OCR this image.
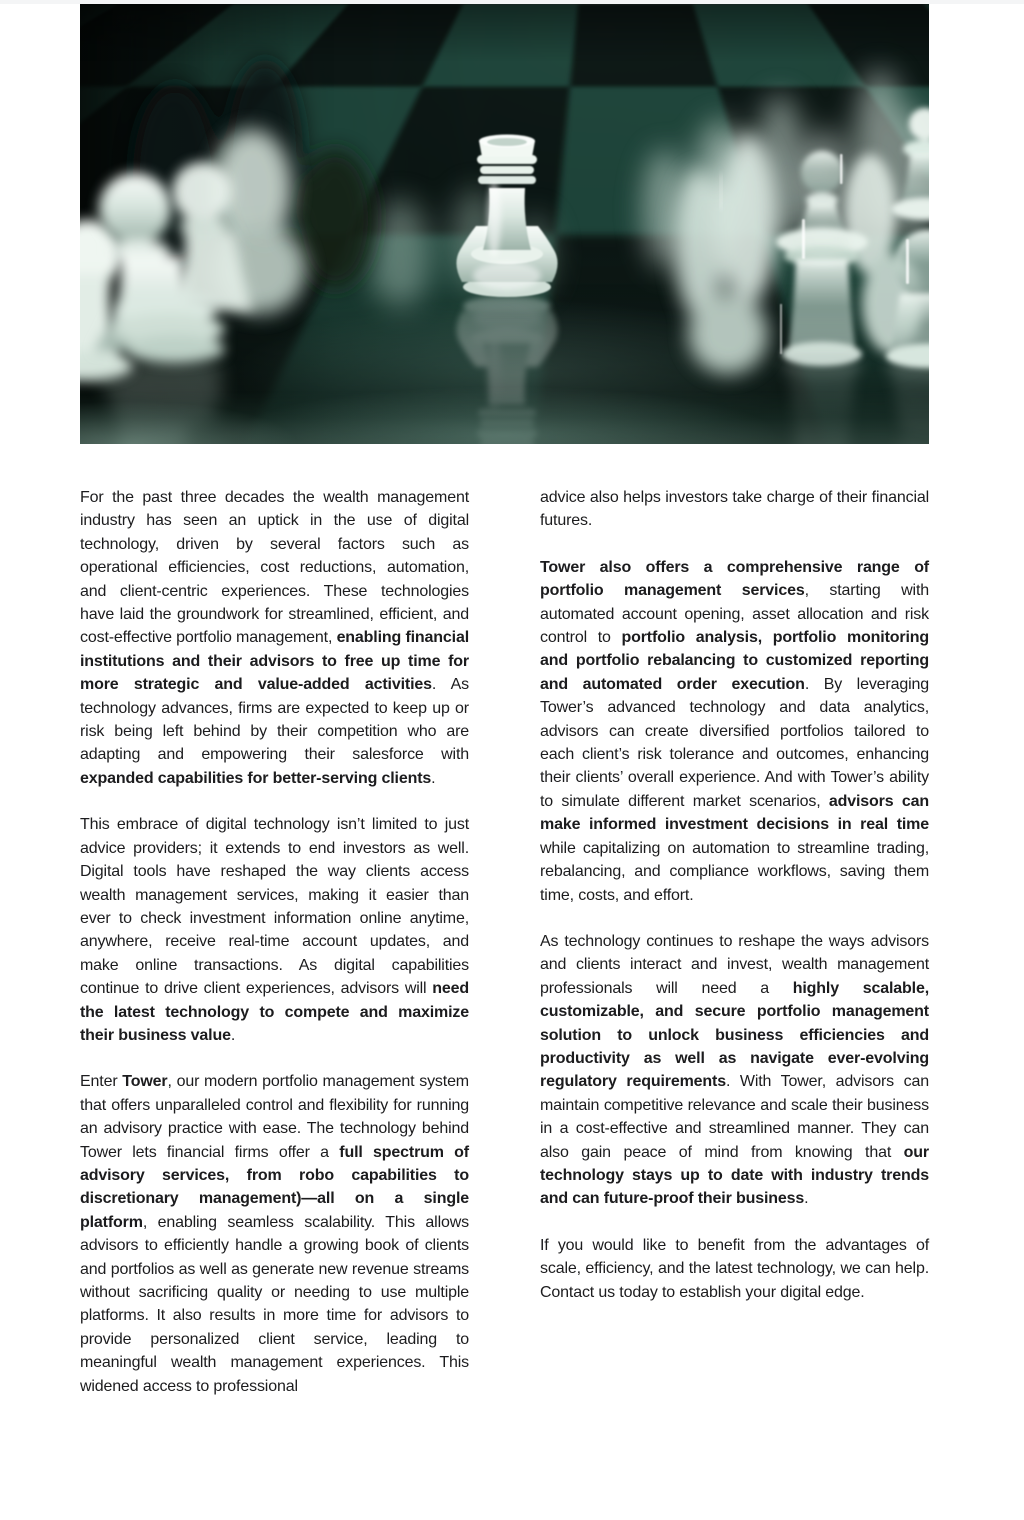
For the past three decades the wealth management industry has seen an uptick in the use of digital technology, driven by several factors such as operational efficiencies, cost reductions, automation, and client-centric experiences. These technologies have laid the groundwork for streamlined, efficient, and cost-effective portfolio management, enabling financial institutions and their advisors to free up time for more strategic and value-added activities. As technology advances, firms are expected to keep up or risk being left behind by their competition who are adapting and empowering their salesforce with expanded capabilities for better-serving clients.

This embrace of digital technology isn’t limited to just advice providers; it extends to end investors as well. Digital tools have reshaped the way clients access wealth management services, making it easier than ever to check investment information online anytime, anywhere, receive real-time account updates, and make online transactions. As digital capabilities continue to drive client experiences, advisors will need the latest technology to compete and maximize their business value.

Enter Tower, our modern portfolio management system that offers unparalleled control and flexibility for running an advisory practice with ease. The technology behind Tower lets financial firms offer a full spectrum of advisory services, from robo capabilities to discretionary management)—all on a single platform, enabling seamless scalability. This allows advisors to efficiently handle a growing book of clients and portfolios as well as generate new revenue streams without sacrificing quality or needing to use multiple platforms. It also results in more time for advisors to provide personalized client service, leading to meaningful wealth management experiences. This widened access to professional

advice also helps investors take charge of their financial futures.

Tower also offers a comprehensive range of portfolio management services, starting with automated account opening, asset allocation and risk control to portfolio analysis, portfolio monitoring and portfolio rebalancing to customized reporting and automated order execution. By leveraging Tower’s advanced technology and data analytics, advisors can create diversified portfolios tailored to each client’s risk tolerance and outcomes, enhancing their clients’ overall experience. And with Tower’s ability to simulate different market scenarios, advisors can make informed investment decisions in real time while capitalizing on automation to streamline trading, rebalancing, and compliance workflows, saving them time, costs, and effort.

As technology continues to reshape the ways advisors and clients interact and invest, wealth management professionals will need a highly scalable, customizable, and secure portfolio management solution to unlock business efficiencies and productivity as well as navigate ever-evolving regulatory requirements. With Tower, advisors can maintain competitive relevance and scale their business in a cost-effective and streamlined manner. They can also gain peace of mind from knowing that our technology stays up to date with industry trends and can future-proof their business.

If you would like to benefit from the advantages of scale, efficiency, and the latest technology, we can help. Contact us today to establish your digital edge.
